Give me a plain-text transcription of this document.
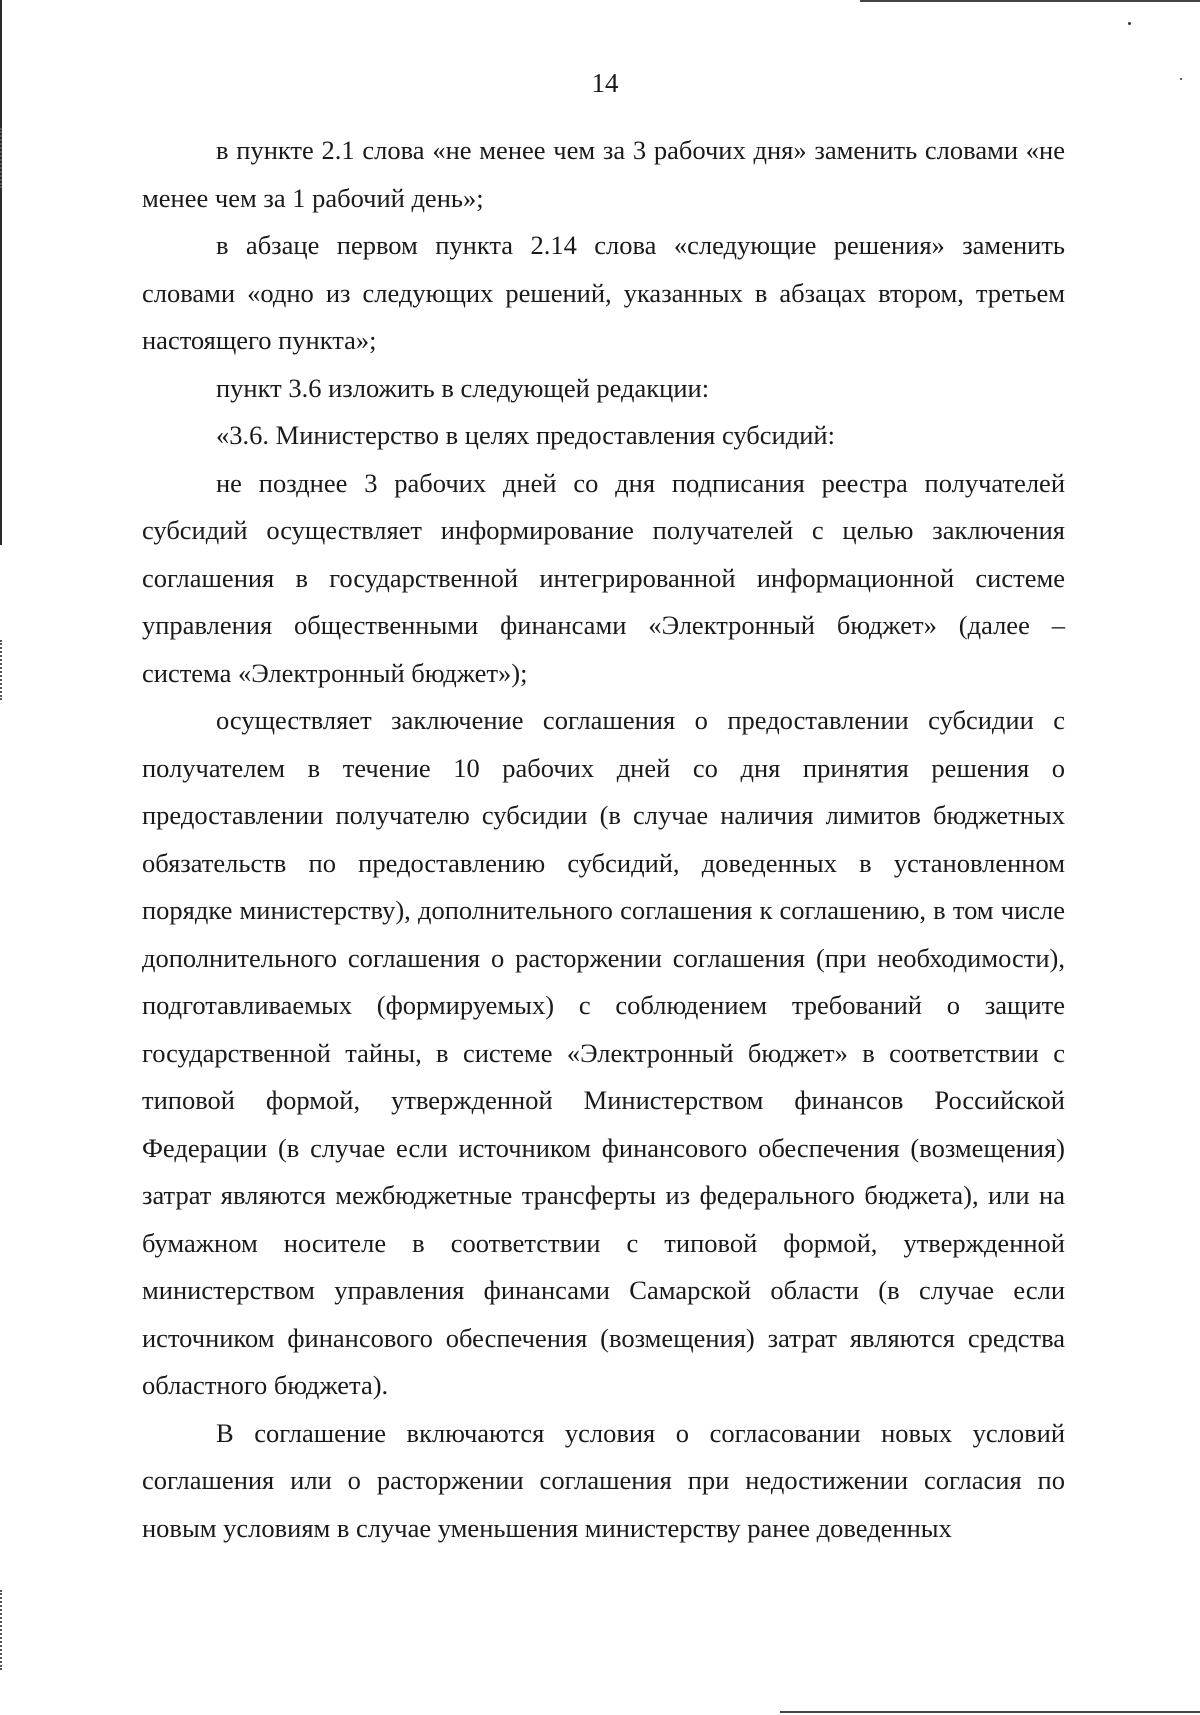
14

в пункте 2.1 слова «не менее чем за 3 рабочих дня» заменить словами «не менее чем за 1 рабочий день»;

в абзаце первом пункта 2.14 слова «следующие решения» заменить словами «одно из следующих решений, указанных в абзацах втором, третьем настоящего пункта»;

пункт 3.6 изложить в следующей редакции:

«3.6. Министерство в целях предоставления субсидий:

не позднее 3 рабочих дней со дня подписания реестра получателей субсидий осуществляет информирование получателей с целью заключения соглашения в государственной интегрированной информационной системе управления общественными финансами «Электронный бюджет» (далее – система «Электронный бюджет»);

осуществляет заключение соглашения о предоставлении субсидии с получателем в течение 10 рабочих дней со дня принятия решения о предоставлении получателю субсидии (в случае наличия лимитов бюджетных обязательств по предоставлению субсидий, доведенных в установленном порядке министерству), дополнительного соглашения к соглашению, в том числе дополнительного соглашения о расторжении соглашения (при необходимости), подготавливаемых (формируемых) с соблюдением требований о защите государственной тайны, в системе «Электронный бюджет» в соответствии с типовой формой, утвержденной Министерством финансов Российской Федерации (в случае если источником финансового обеспечения (возмещения) затрат являются межбюджетные трансферты из федерального бюджета), или на бумажном носителе в соответствии с типовой формой, утвержденной министерством управления финансами Самарской области (в случае если источником финансового обеспечения (возмещения) затрат являются средства областного бюджета).

В соглашение включаются условия о согласовании новых условий соглашения или о расторжении соглашения при недостижении согласия по новым условиям в случае уменьшения министерству ранее доведенных
